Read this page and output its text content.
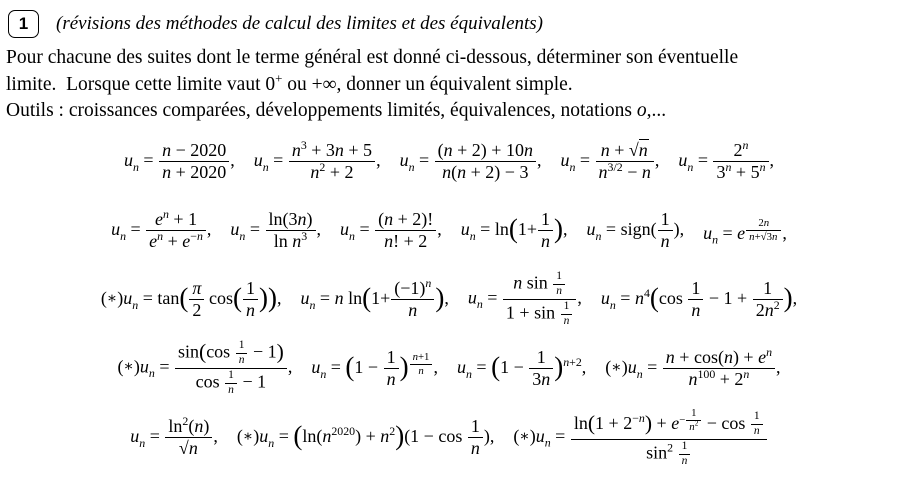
1 (révisions des méthodes de calcul des limites et des équivalents)
Pour chacune des suites dont le terme général est donné ci-dessous, déterminer son éventuelle
limite.  Lorsque cette limite vaut 0+ ou +∞, donner un équivalent simple.
Outils : croissances comparées, développements limités, équivalences, notations o,...
$u_n = \frac{n - 2020}{n + 2020}$ , $u_n = \frac{n^3 + 3n + 5}{n^2 + 2}$ , $u_n = \frac{(n + 2) + 10n}{n(n + 2) - 3}$ , $u_n = \frac{n + √n}{n^{3/2} - n}$ , $u_n = \frac{2^n}{3^n + 5^n}$ ,
$u_n = \frac{e^n + 1}{e^n + e^{-n}}$ , $u_n = \frac{\ln(3n)}{\ln n^3}$ , $u_n = \frac{(n + 2)!}{n! + 2}$ , $u_n = \ln(1+ \frac{1}{n}$ ), $u_n$ = sign( $\frac{1}{n}$ ), $u_n = e \frac{2n}{n+√3n}$ ,
$(∗)u_n = \tan( \frac{\pi}{2} \cos( \frac{1}{n}$ )), $u_n = n$ $\ln(1+ \frac{(-1)^n}{n}$ ), $u_n = \frac{n \sin \frac{1}{n}}{1 + \sin \frac{1}{n}}$ , $u_n = n^4(\cos \frac{1}{n} - 1 + \frac{1}{2n^2}$ ),
$(∗)u_n = \frac{\sin(\cos \frac{1}{n} - 1)}{\cos \frac{1}{n} - 1}$ , $u_n = (1 - \frac{1}{n}$ ) $\frac{n+1}{n}$ , $u_n = (1 - \frac{1}{3n} )^{n+2}$, $(∗)u_n = \frac{n + \cos(n) + e^n}{n^{100} + 2^n}$ ,
$u_n = \frac{\ln^2(n)}{√n}$ , $(∗)u_n = (\ln(n^{2020}) + n^2)(1 - \cos \frac{1}{n}$ ), $(∗)u_n = \frac{\ln(1 + 2^{-n}) + e- \frac{1}{n^2} - \cos \frac{1}{n}}{\sin^2 \frac{1}{n}}$
